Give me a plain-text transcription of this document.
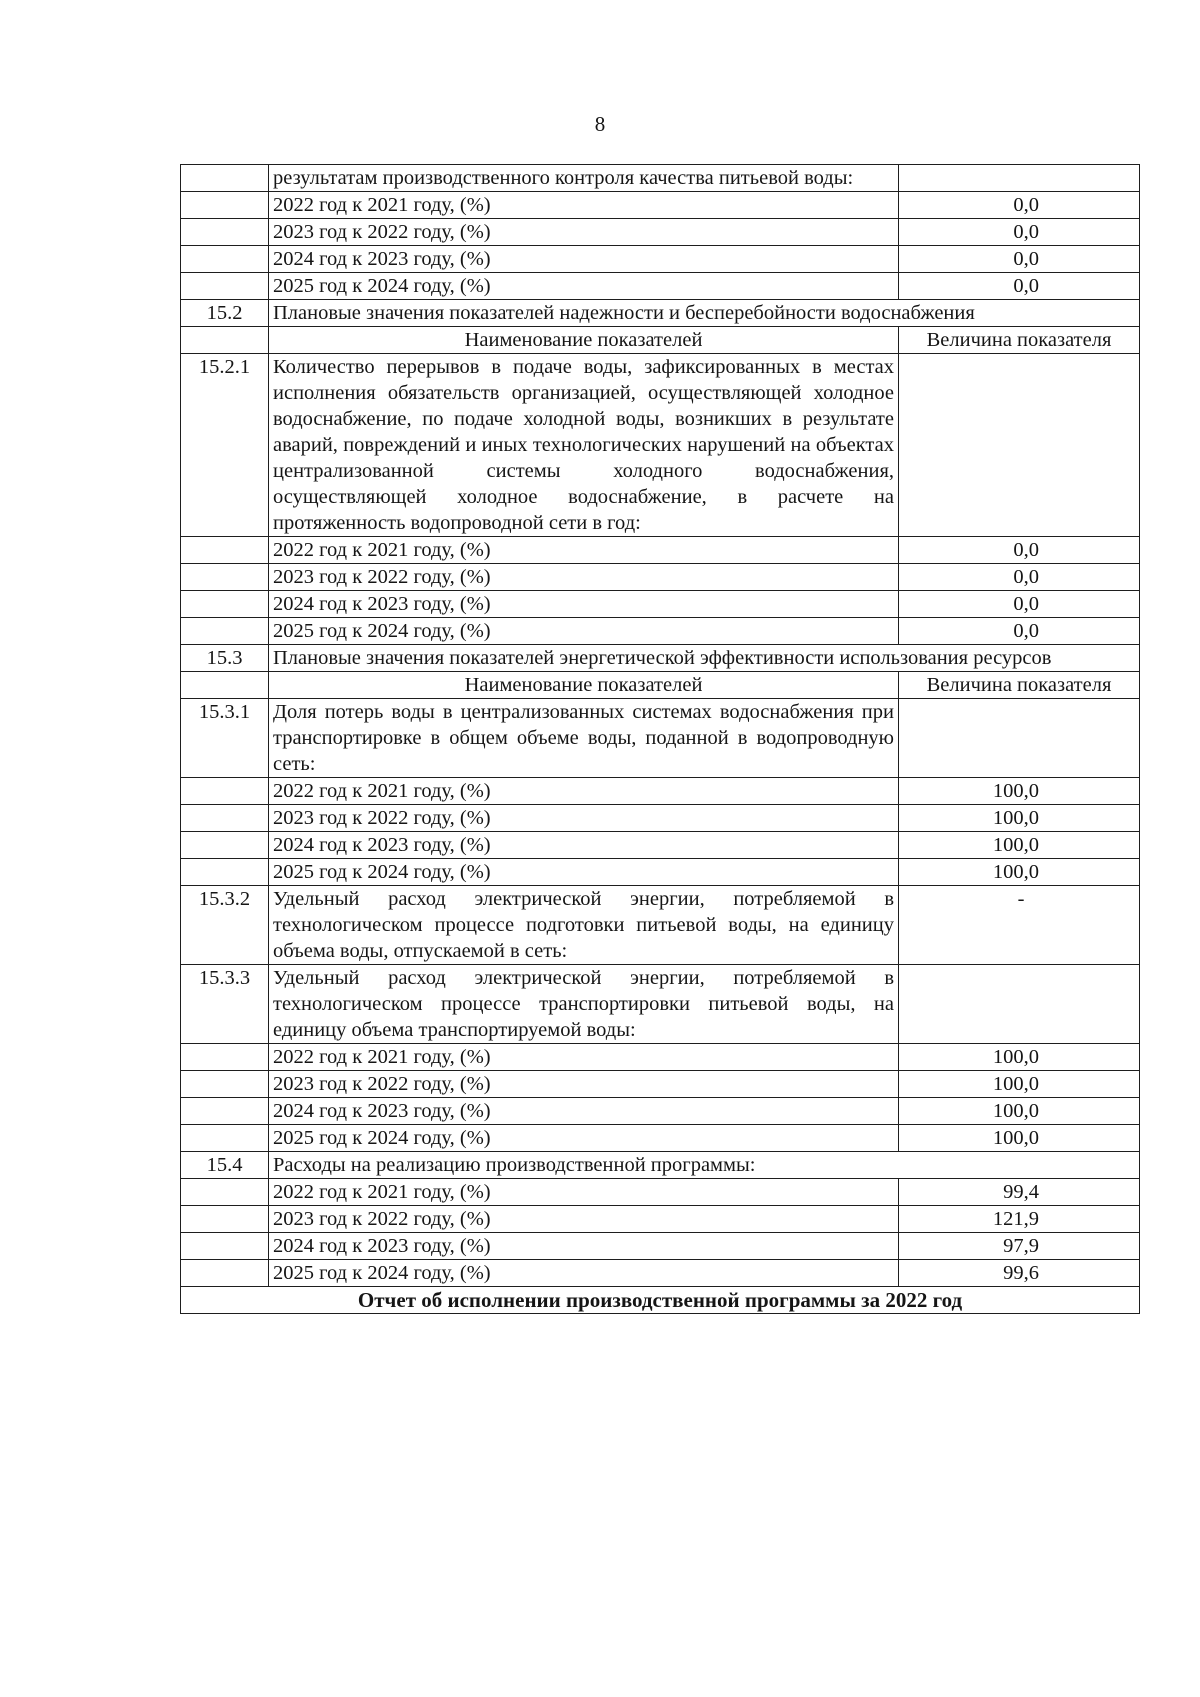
8
	результатам производственного контроля качества питьевой воды:	
	2022 год к 2021 году, (%)	0,0
	2023 год к 2022 году, (%)	0,0
	2024 год к 2023 году, (%)	0,0
	2025 год к 2024 году, (%)	0,0
15.2	Плановые значения показателей надежности и бесперебойности водоснабжения	
	Наименование показателей	Величина показателя
15.2.1	Количество перерывов в подаче воды, зафиксированных в местах исполнения обязательств организацией, осуществляющей холодное водоснабжение, по подаче холодной воды, возникших в результате аварий, повреждений и иных технологических нарушений на объектах централизованной системы холодного водоснабжения, осуществляющей холодное водоснабжение, в расчете на протяженность водопроводной сети в год:	
	2022 год к 2021 году, (%)	0,0
	2023 год к 2022 году, (%)	0,0
	2024 год к 2023 году, (%)	0,0
	2025 год к 2024 году, (%)	0,0
15.3	Плановые значения показателей энергетической эффективности использования ресурсов	
	Наименование показателей	Величина показателя
15.3.1	Доля потерь воды в централизованных системах водоснабжения при транспортировке в общем объеме воды, поданной в водопроводную сеть:	
	2022 год к 2021 году, (%)	100,0
	2023 год к 2022 году, (%)	100,0
	2024 год к 2023 году, (%)	100,0
	2025 год к 2024 году, (%)	100,0
15.3.2	Удельный расход электрической энергии, потребляемой в технологическом процессе подготовки питьевой воды, на единицу объема воды, отпускаемой в сеть:	-
15.3.3	Удельный расход электрической энергии, потребляемой в технологическом процессе транспортировки питьевой воды, на единицу объема транспортируемой воды:	
	2022 год к 2021 году, (%)	100,0
	2023 год к 2022 году, (%)	100,0
	2024 год к 2023 году, (%)	100,0
	2025 год к 2024 году, (%)	100,0
15.4	Расходы на реализацию производственной программы:	
	2022 год к 2021 году, (%)	99,4
	2023 год к 2022 году, (%)	121,9
	2024 год к 2023 году, (%)	97,9
	2025 год к 2024 году, (%)	99,6
Отчет об исполнении производственной программы за 2022 год		
